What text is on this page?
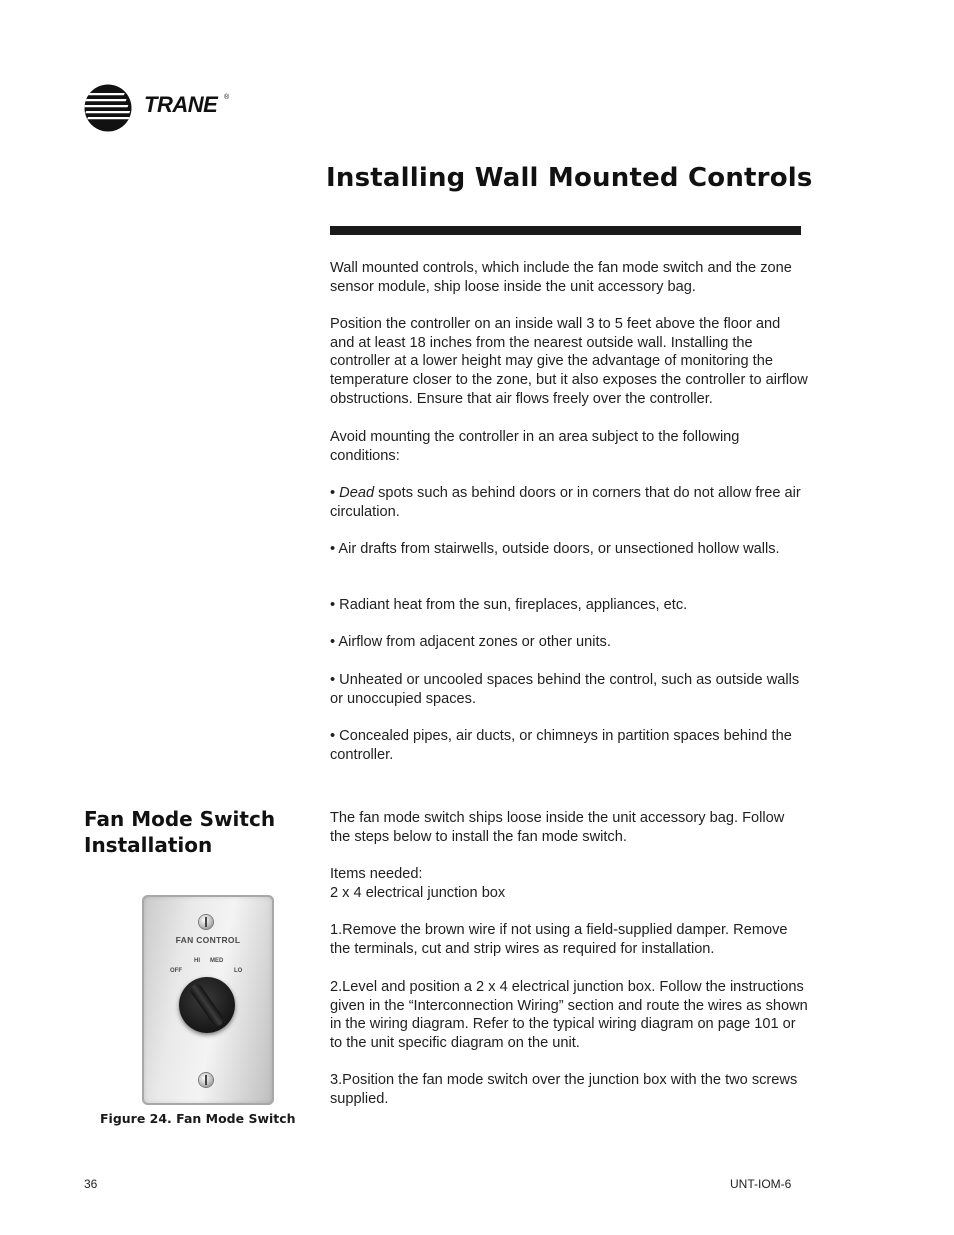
TRANE ®
Installing Wall Mounted Controls

Wall mounted controls, which include the fan mode switch and the zone sensor module, ship loose inside the unit accessory bag.

Position the controller on an inside wall 3 to 5 feet above the floor and and at least 18 inches from the nearest outside wall. Installing the controller at a lower height may give the advantage of monitoring the temperature closer to the zone, but it also exposes the controller to airflow obstructions. Ensure that air flows freely over the controller.

Avoid mounting the controller in an area subject to the following conditions:

• Dead spots such as behind doors or in corners that do not allow free air circulation.

• Air drafts from stairwells, outside doors, or unsectioned hollow walls.

• Radiant heat from the sun, fireplaces, appliances, etc.

• Airflow from adjacent zones or other units.

• Unheated or uncooled spaces behind the control, such as outside walls or unoccupied spaces.

• Concealed pipes, air ducts, or chimneys in partition spaces behind the controller.

Fan Mode Switch
Installation

The fan mode switch ships loose inside the unit accessory bag. Follow the steps below to install the fan mode switch.

Items needed:
2 x 4 electrical junction box

1.Remove the brown wire if not using a field-supplied damper. Remove the terminals, cut and strip wires as required for installation.

2.Level and position a 2 x 4 electrical junction box. Follow the instructions given in the “Interconnection Wiring” section and route the wires as shown in the wiring diagram. Refer to the typical wiring diagram on page 101 or to the unit specific diagram on the unit.

3.Position the fan mode switch over the junction box with the two screws supplied.

FAN CONTROL
OFF
HI MED
LO

Figure 24. Fan Mode Switch

36	UNT-IOM-6
